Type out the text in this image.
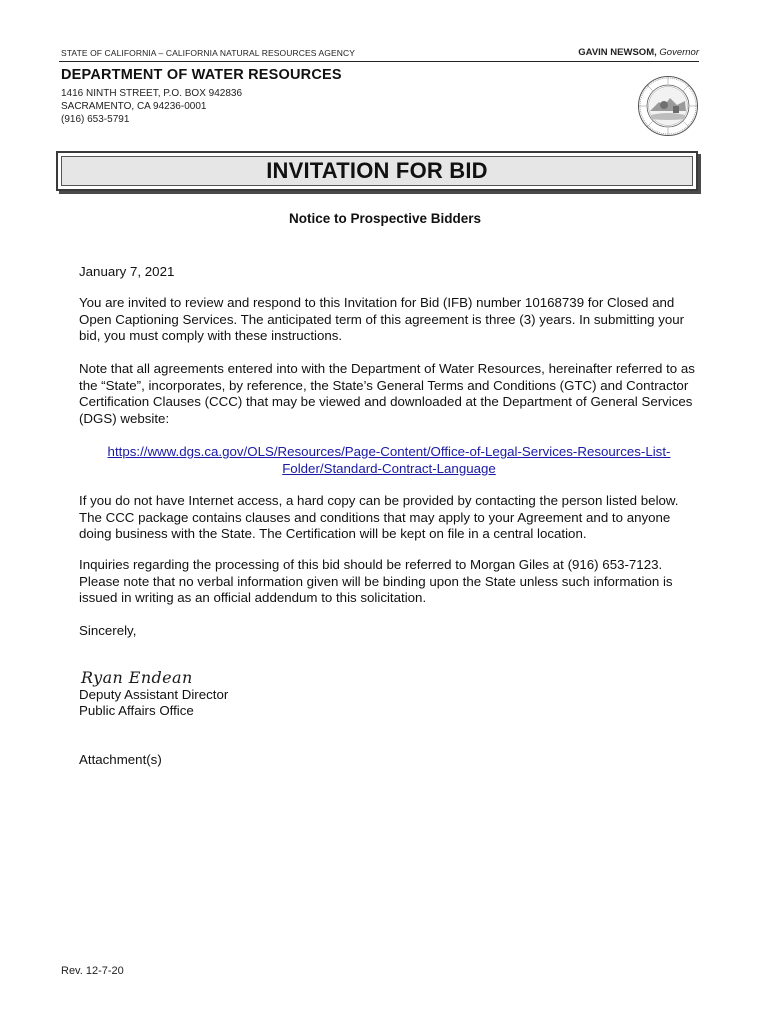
STATE OF CALIFORNIA – CALIFORNIA NATURAL RESOURCES AGENCY	GAVIN NEWSOM, Governor
DEPARTMENT OF WATER RESOURCES
1416 NINTH STREET, P.O. BOX 942836
SACRAMENTO, CA 94236-0001
(916) 653-5791
INVITATION FOR BID
Notice to Prospective Bidders
January 7, 2021
You are invited to review and respond to this Invitation for Bid (IFB) number 10168739 for Closed and Open Captioning Services. The anticipated term of this agreement is three (3) years. In submitting your bid, you must comply with these instructions.
Note that all agreements entered into with the Department of Water Resources, hereinafter referred to as the “State”, incorporates, by reference, the State’s General Terms and Conditions (GTC) and Contractor Certification Clauses (CCC) that may be viewed and downloaded at the Department of General Services (DGS) website:
https://www.dgs.ca.gov/OLS/Resources/Page-Content/Office-of-Legal-Services-Resources-List-
Folder/Standard-Contract-Language
If you do not have Internet access, a hard copy can be provided by contacting the person listed below. The CCC package contains clauses and conditions that may apply to your Agreement and to anyone doing business with the State. The Certification will be kept on file in a central location.
Inquiries regarding the processing of this bid should be referred to Morgan Giles at (916) 653-7123. Please note that no verbal information given will be binding upon the State unless such information is issued in writing as an official addendum to this solicitation.
Sincerely,
Ryan Endean
Deputy Assistant Director
Public Affairs Office
Attachment(s)
Rev. 12-7-20
